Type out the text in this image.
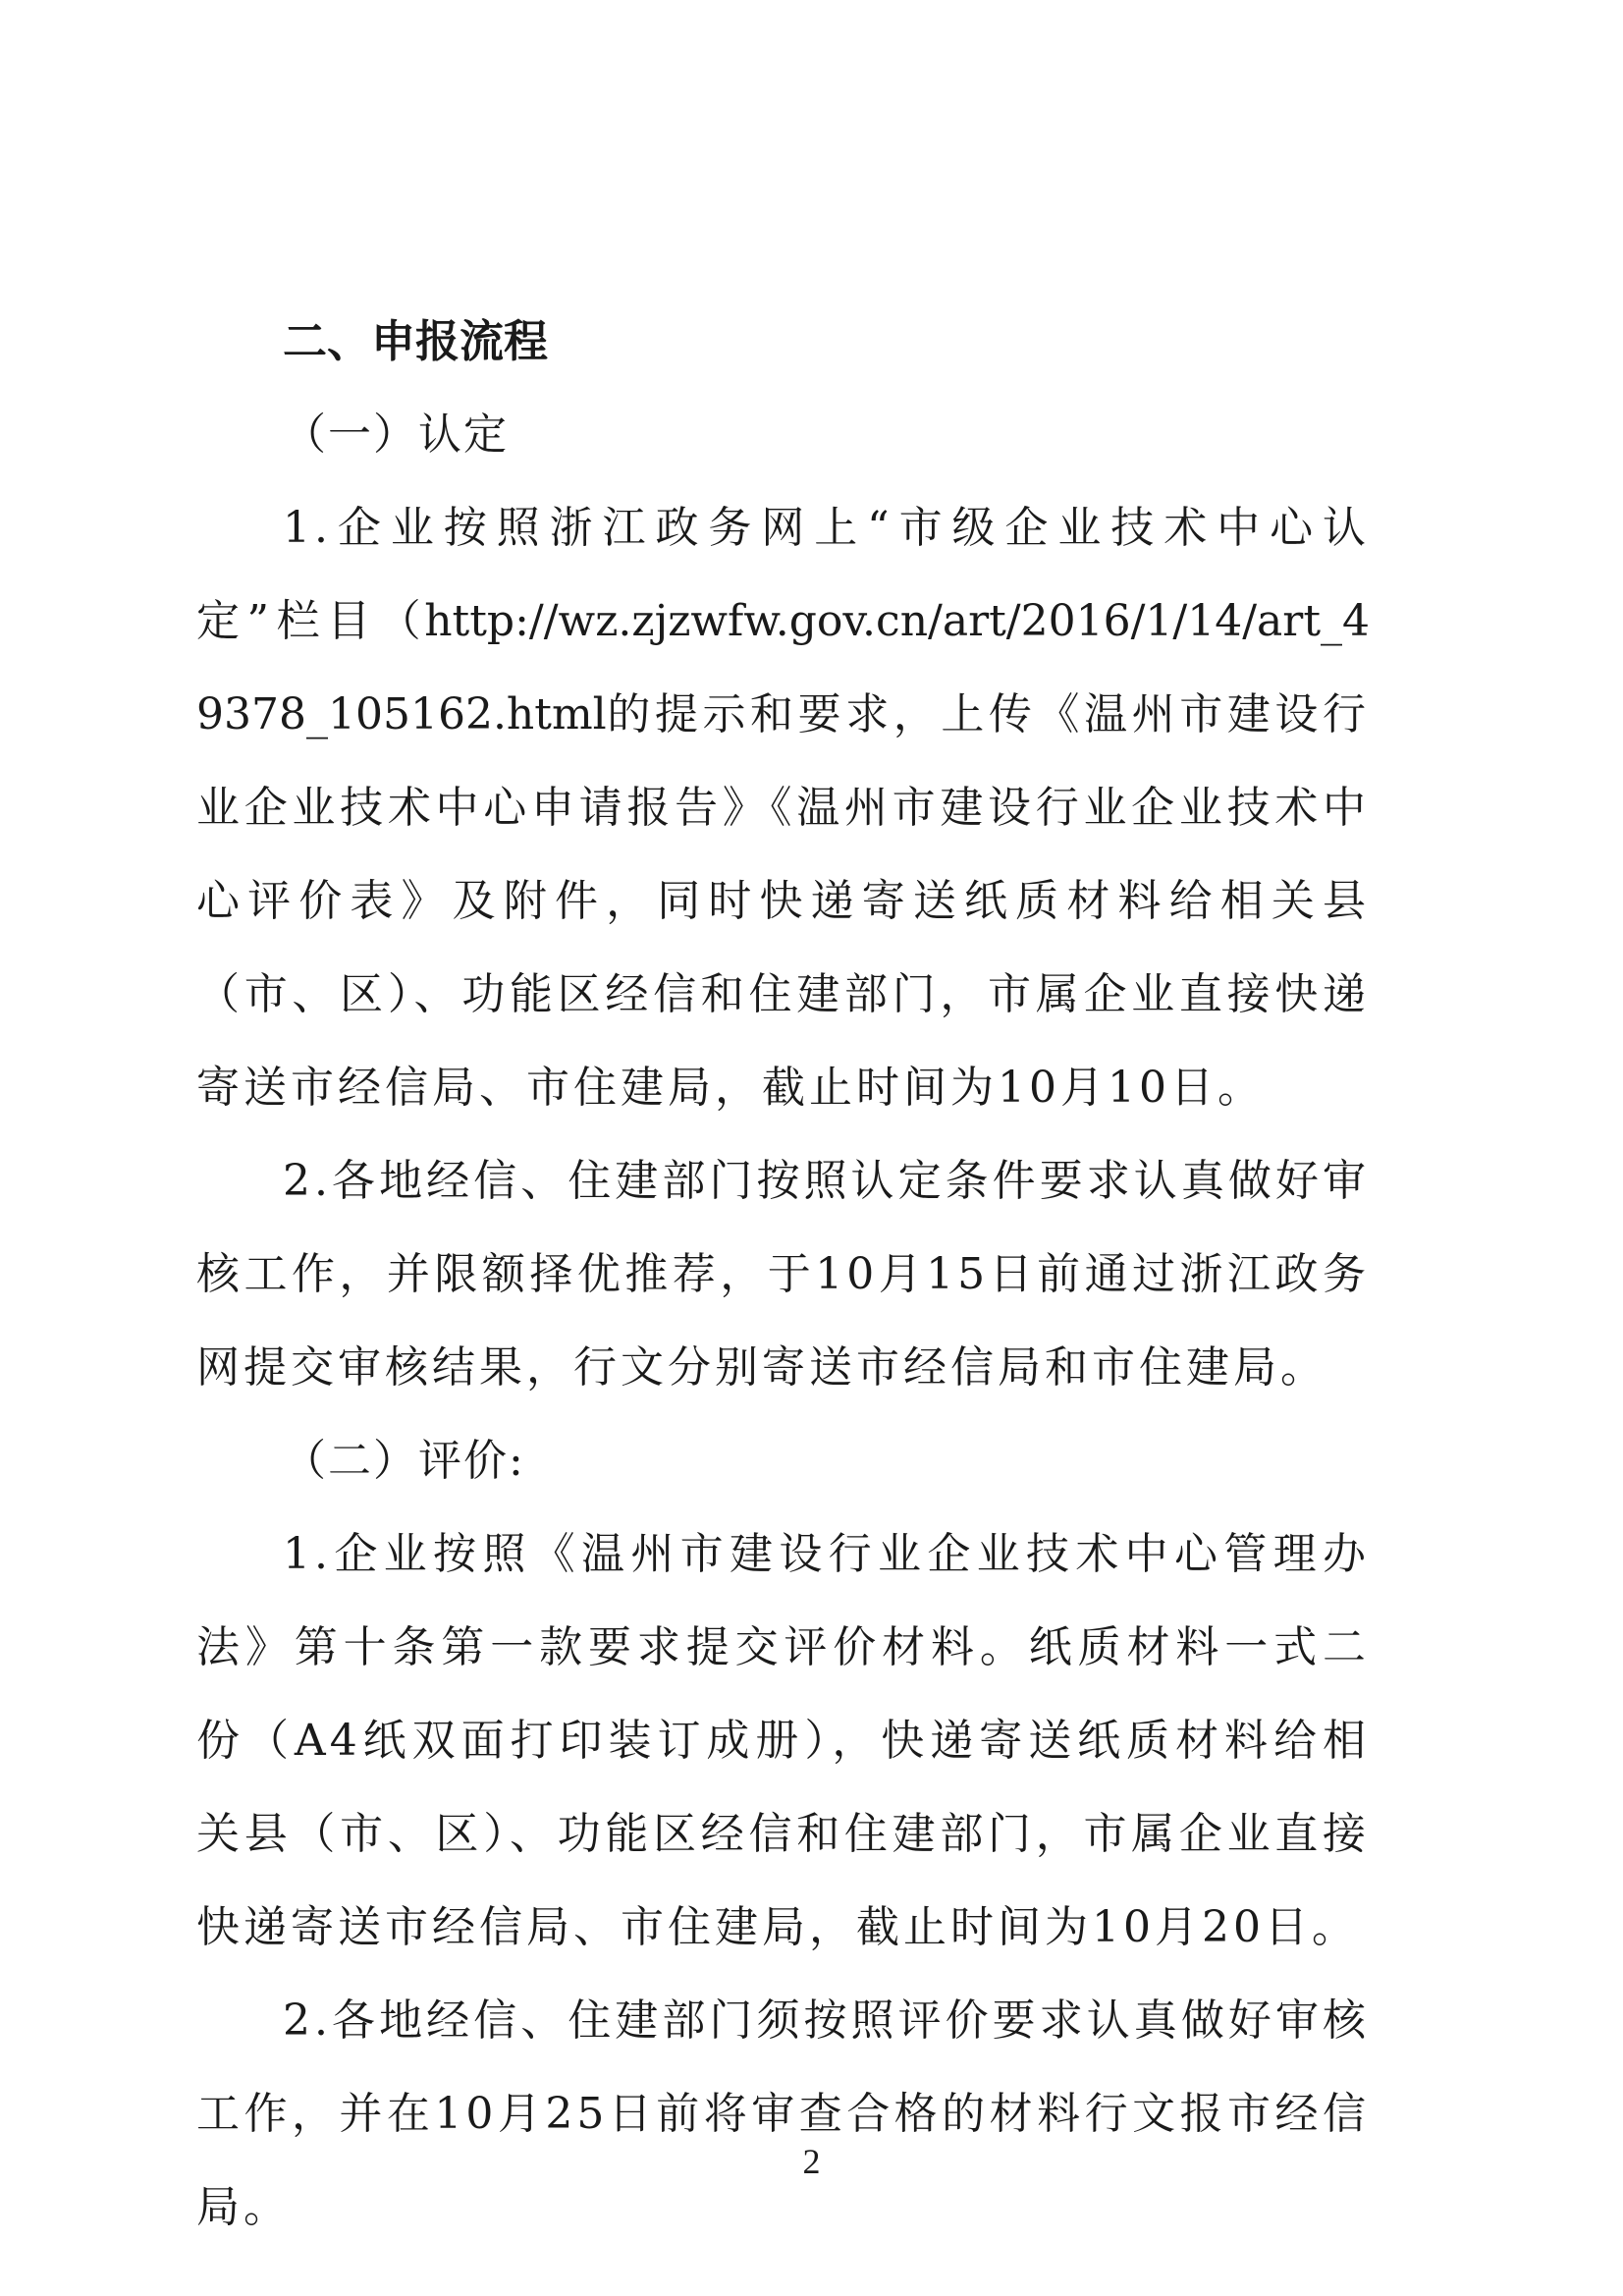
二、申报流程
（一）认定
1.企业按照浙江政务网上“市级企业技术中心认定”栏目（http://wz.zjzwfw.gov.cn/art/2016/1/14/art_49378_105162.html的提示和要求，上传《温州市建设行业企业技术中心申请报告》《温州市建设行业企业技术中心评价表》及附件，同时快递寄送纸质材料给相关县（市、区）、功能区经信和住建部门，市属企业直接快递寄送市经信局、市住建局，截止时间为10月10日。
2.各地经信、住建部门按照认定条件要求认真做好审核工作，并限额择优推荐，于10月15日前通过浙江政务网提交审核结果，行文分别寄送市经信局和市住建局。
（二）评价:
1.企业按照《温州市建设行业企业技术中心管理办法》第十条第一款要求提交评价材料。纸质材料一式二份（A4纸双面打印装订成册），快递寄送纸质材料给相关县（市、区）、功能区经信和住建部门，市属企业直接快递寄送市经信局、市住建局，截止时间为10月20日。
2.各地经信、住建部门须按照评价要求认真做好审核工作，并在10月25日前将审查合格的材料行文报市经信局。
2
